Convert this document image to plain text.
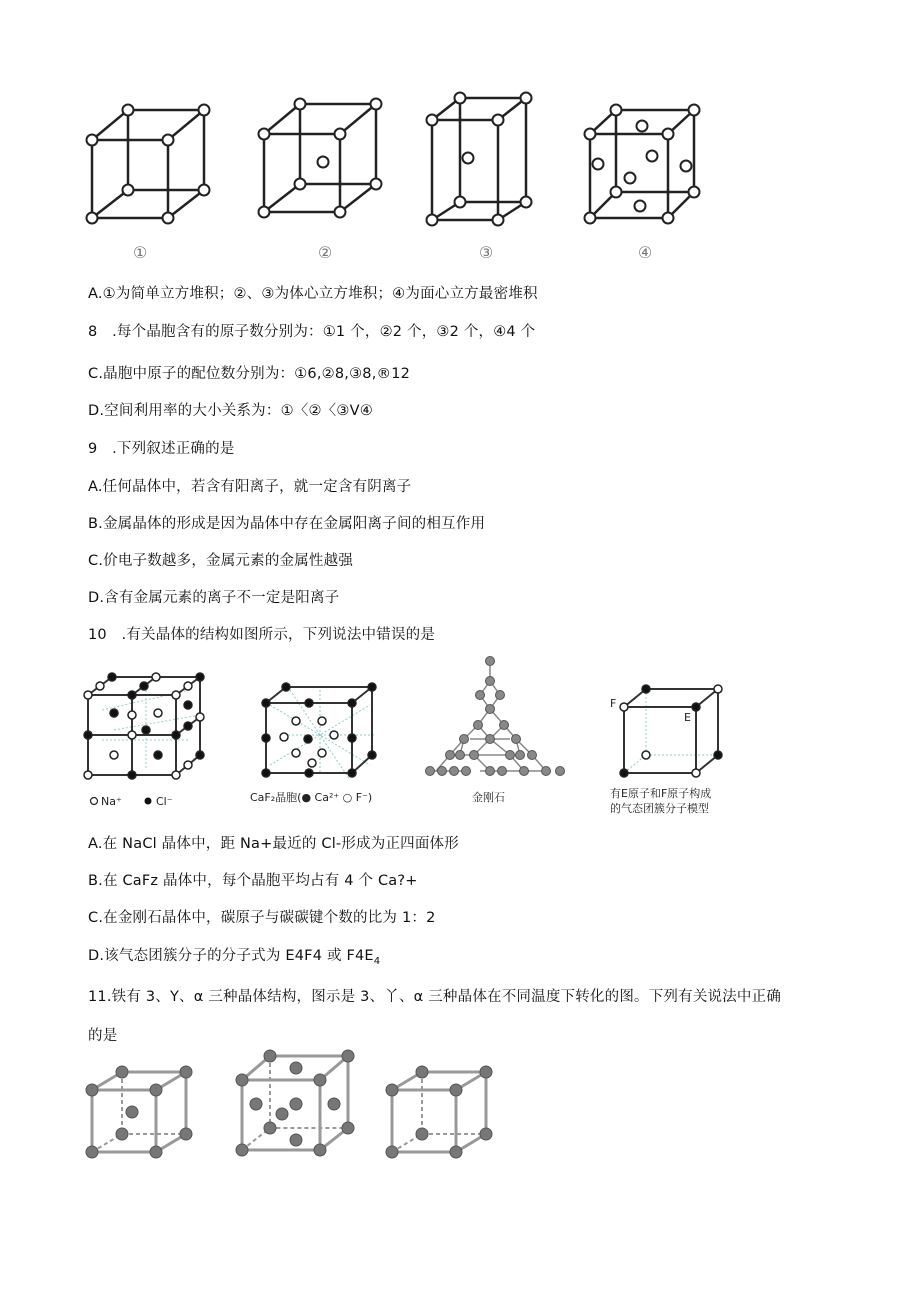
①	②	③	④
A.①为简单立方堆积；②、③为体心立方堆积；④为面心立方最密堆积
8　.每个晶胞含有的原子数分别为：①1 个，②2 个，③2 个，④4 个
C.晶胞中原子的配位数分别为：①6,②8,③8,®12
D.空间利用率的大小关系为：①〈②〈③V④
9　.下列叙述正确的是
A.任何晶体中，若含有阳离子，就一定含有阴离子
B.金属晶体的形成是因为晶体中存在金属阳离子间的相互作用
C.价电子数越多，金属元素的金属性越强
D.含有金属元素的离子不一定是阳离子
10　.有关晶体的结构如图所示，下列说法中错误的是
Na⁺	Cl⁻	CaF₂晶胞(● Ca²⁺ ○ F⁻)	金刚石
F
E
有E原子和F原子构成
的气态团簇分子模型
A.在 NaCl 晶体中，距 Na+最近的 Cl-形成为正四面体形
B.在 CaFz 晶体中，每个晶胞平均占有 4 个 Ca?+
C.在金刚石晶体中，碳原子与碳碳键个数的比为 1：2
D.该气态团簇分子的分子式为 E4F4 或 $F4E_4$
11.铁有 3、Y、α 三种晶体结构，图示是 3、丫、α 三种晶体在不同温度下转化的图。下列有关说法中正确
的是
